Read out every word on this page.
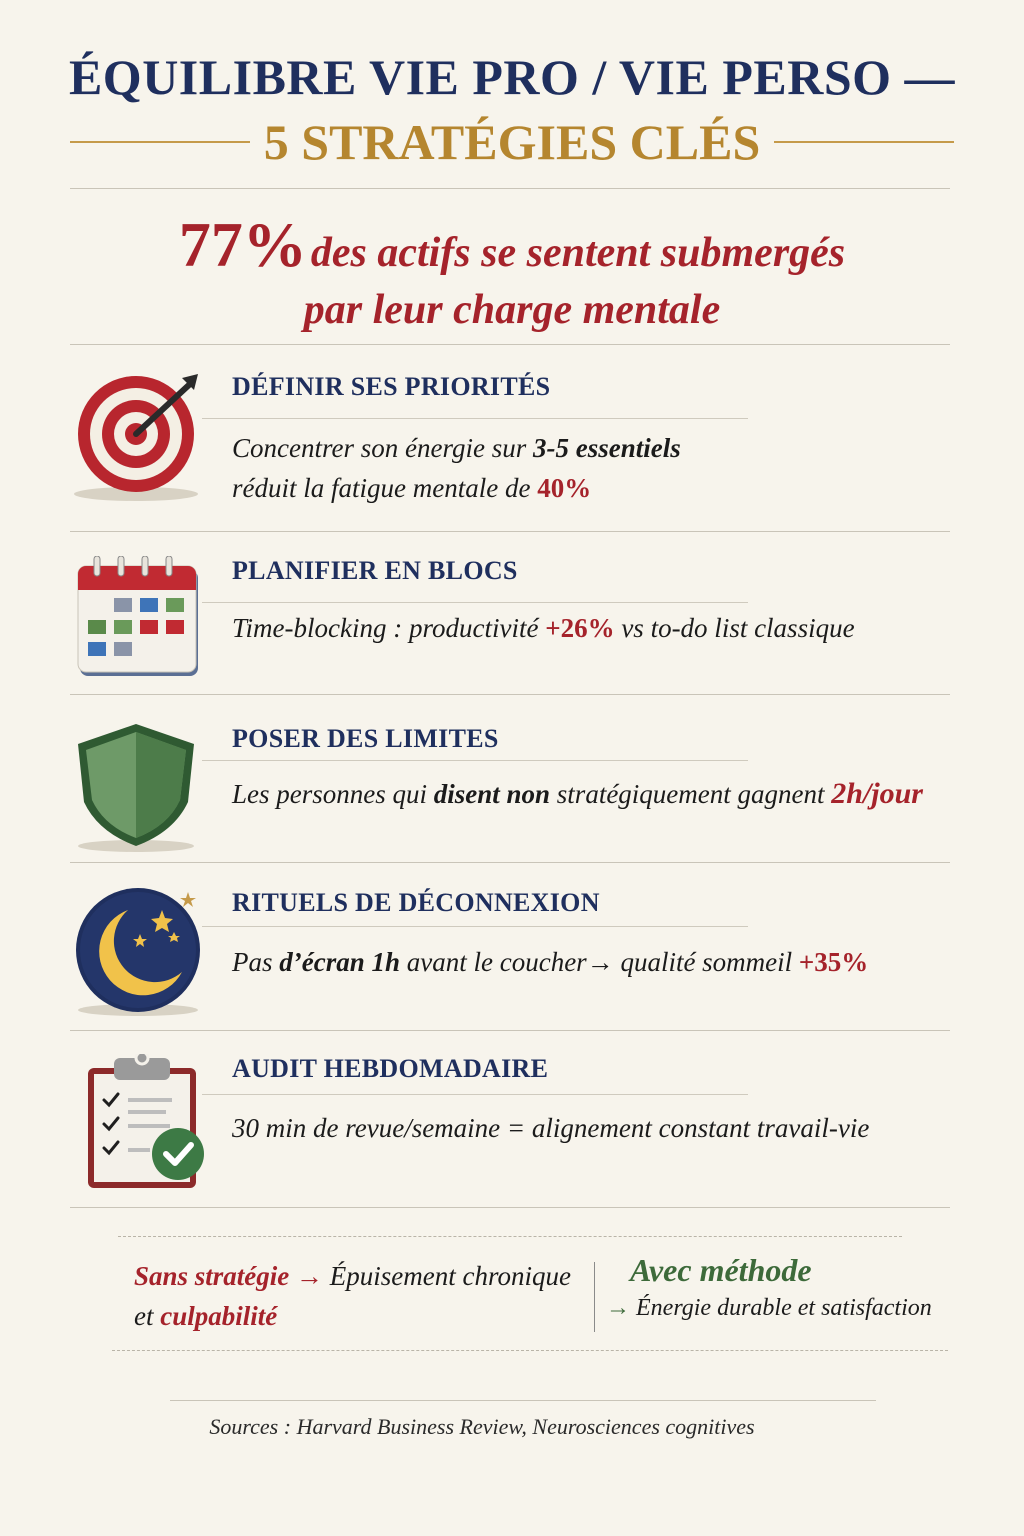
ÉQUILIBRE VIE PRO / VIE PERSO —
5 STRATÉGIES CLÉS
77% des actifs se sentent submergés
par leur charge mentale
DÉFINIR SES PRIORITÉS
Concentrer son énergie sur 3-5 essentiels
réduit la fatigue mentale de 40%
PLANIFIER EN BLOCS
Time-blocking : productivité +26% vs to-do list classique
POSER DES LIMITES
Les personnes qui disent non stratégiquement gagnent 2h/jour
RITUELS DE DÉCONNEXION
Pas d’écran 1h avant le coucher→ qualité sommeil +35%
AUDIT HEBDOMADAIRE
30 min de revue/semaine = alignement constant travail-vie
Sans stratégie → Épuisement chronique
et culpabilité
Avec méthode
→ Énergie durable et satisfaction
Sources : Harvard Business Review, Neurosciences cognitives
